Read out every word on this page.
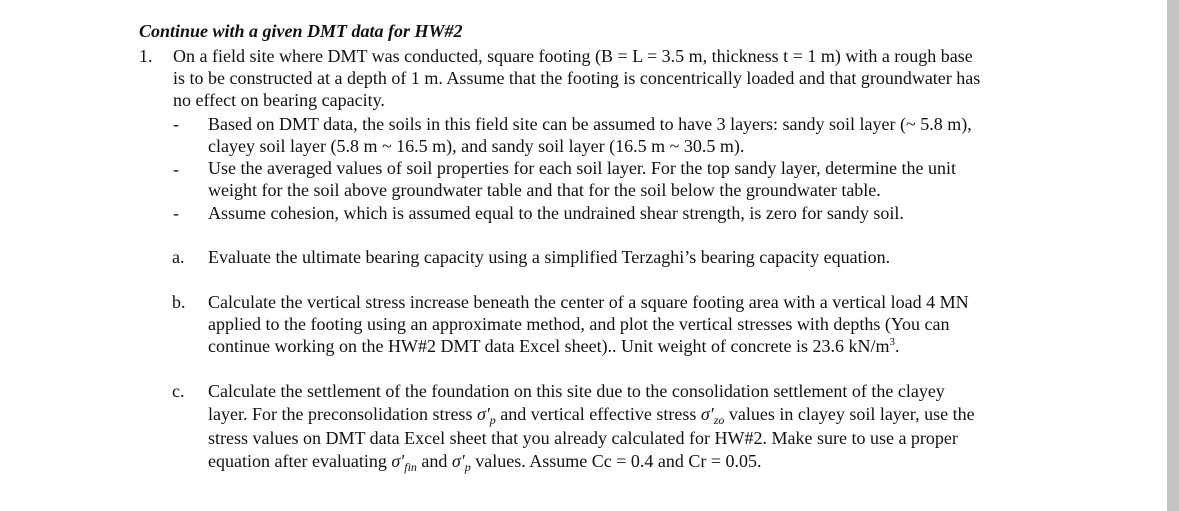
Continue with a given DMT data for HW#2
1. On a field site where DMT was conducted, square footing (B = L = 3.5 m, thickness t = 1 m) with a rough base
is to be constructed at a depth of 1 m. Assume that the footing is concentrically loaded and that groundwater has
no effect on bearing capacity.
- Based on DMT data, the soils in this field site can be assumed to have 3 layers: sandy soil layer (~ 5.8 m),
clayey soil layer (5.8 m ~ 16.5 m), and sandy soil layer (16.5 m ~ 30.5 m).
- Use the averaged values of soil properties for each soil layer. For the top sandy layer, determine the unit
weight for the soil above groundwater table and that for the soil below the groundwater table.
- Assume cohesion, which is assumed equal to the undrained shear strength, is zero for sandy soil.
a. Evaluate the ultimate bearing capacity using a simplified Terzaghi’s bearing capacity equation.
b. Calculate the vertical stress increase beneath the center of a square footing area with a vertical load 4 MN
applied to the footing using an approximate method, and plot the vertical stresses with depths (You can
continue working on the HW#2 DMT data Excel sheet).. Unit weight of concrete is 23.6 $kN/m^3$.
c. Calculate the settlement of the foundation on this site due to the consolidation settlement of the clayey
layer. For the preconsolidation stress $\sigma'_p$ and vertical effective stress $\sigma'_{zo}$ values in clayey soil layer, use the
stress values on DMT data Excel sheet that you already calculated for HW#2. Make sure to use a proper
equation after evaluating $\sigma'_{fin}$ and $\sigma'_p$ values. Assume Cc = 0.4 and Cr = 0.05.
